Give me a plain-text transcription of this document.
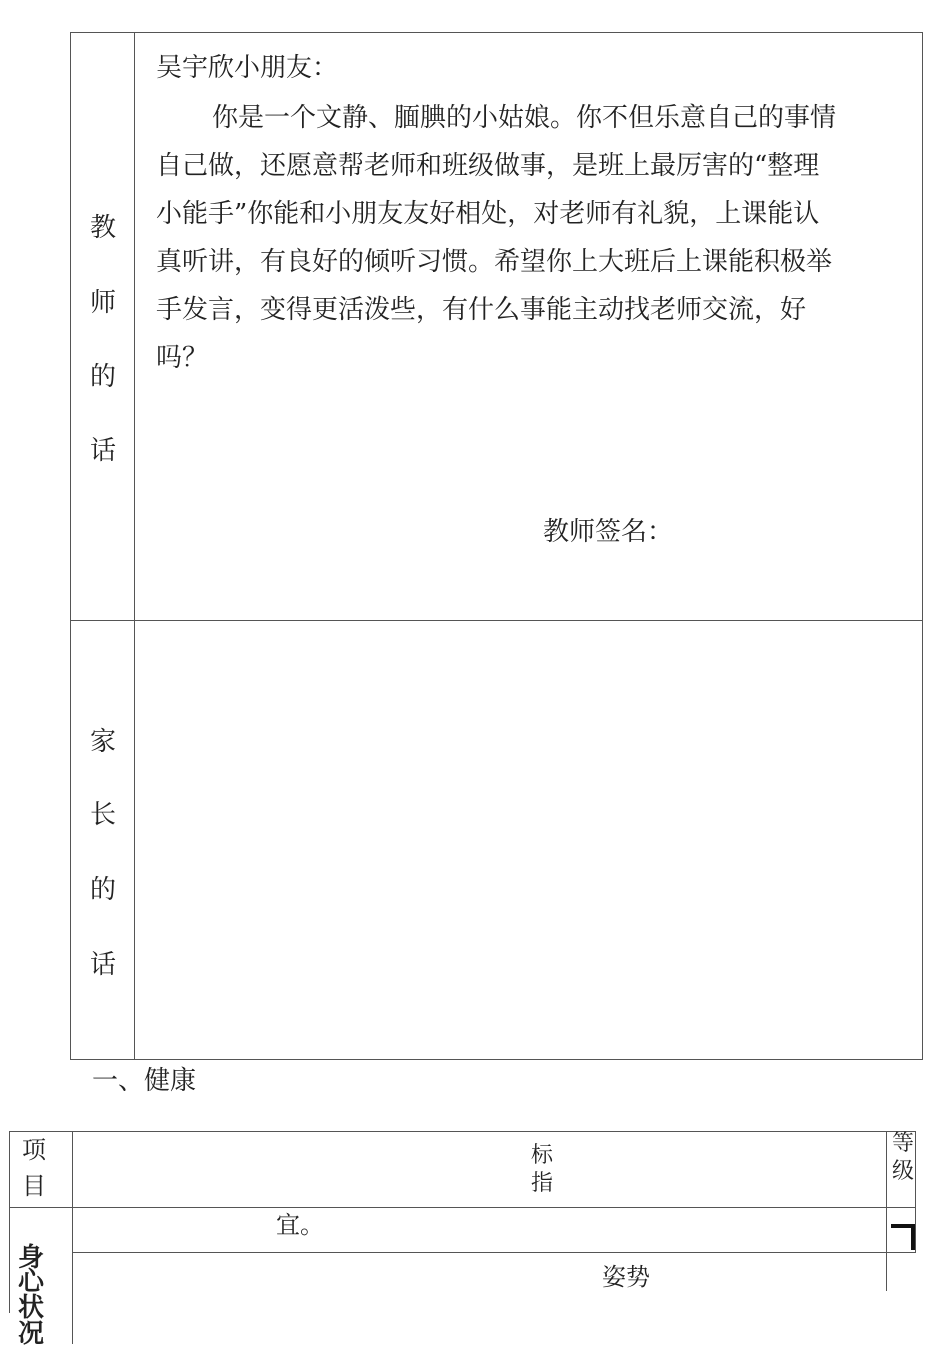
教
师
的
话
吴宇欣小朋友：
你是一个文静、腼腆的小姑娘。你不但乐意自己的事情
自己做，还愿意帮老师和班级做事，是班上最厉害的“整理
小能手”你能和小朋友友好相处，对老师有礼貌，上课能认
真听讲，有良好的倾听习惯。希望你上大班后上课能积极举
手发言，变得更活泼些，有什么事能主动找老师交流，好
吗？
教师签名：
家
长
的
话
一、健康
项
目
标
指
等
级
宜。
姿势
身
心
状
况
